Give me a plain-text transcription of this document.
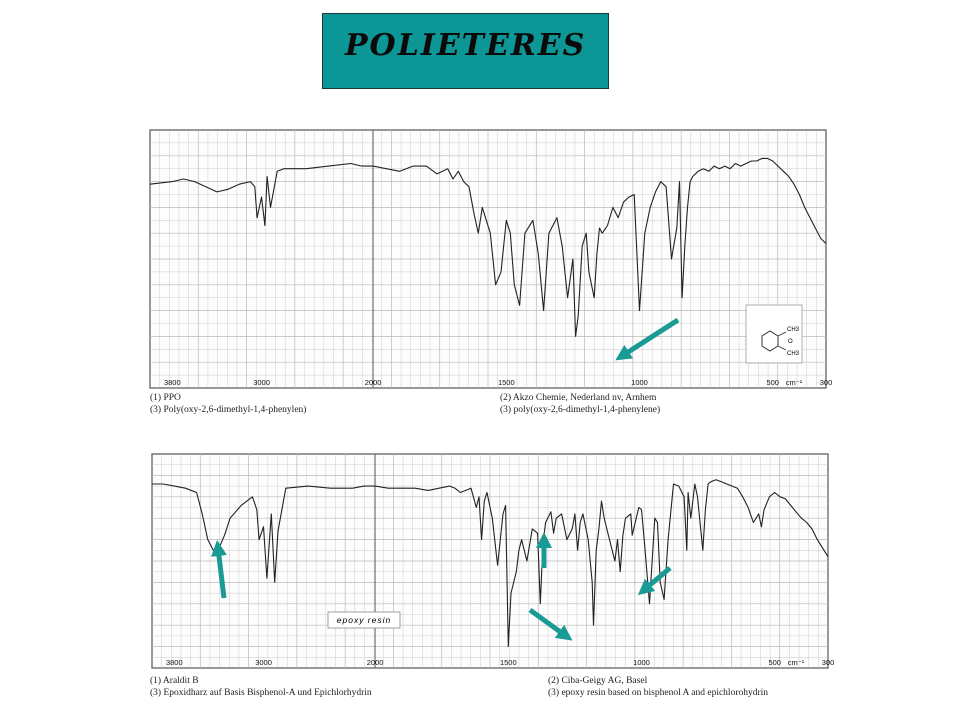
POLIETERES
3800	3000	2000	1500	1000	500 cm⁻¹ 300
CH3
O
CH3
(1) PPO
(3) Poly(oxy-2,6-dimethyl-1,4-phenylen)
(2) Akzo Chemie, Nederland nv, Arnhem
(3) poly(oxy-2,6-dimethyl-1,4-phenylene)
3800	3000	2000	1500	1000	500 cm⁻¹ 300
epoxy resin
(1) Araldit B
(3) Epoxidharz auf Basis Bisphenol-A und Epichlorhydrin
(2) Ciba-Geigy AG, Basel
(3) epoxy resin based on bisphenol A and epichlorohydrin
